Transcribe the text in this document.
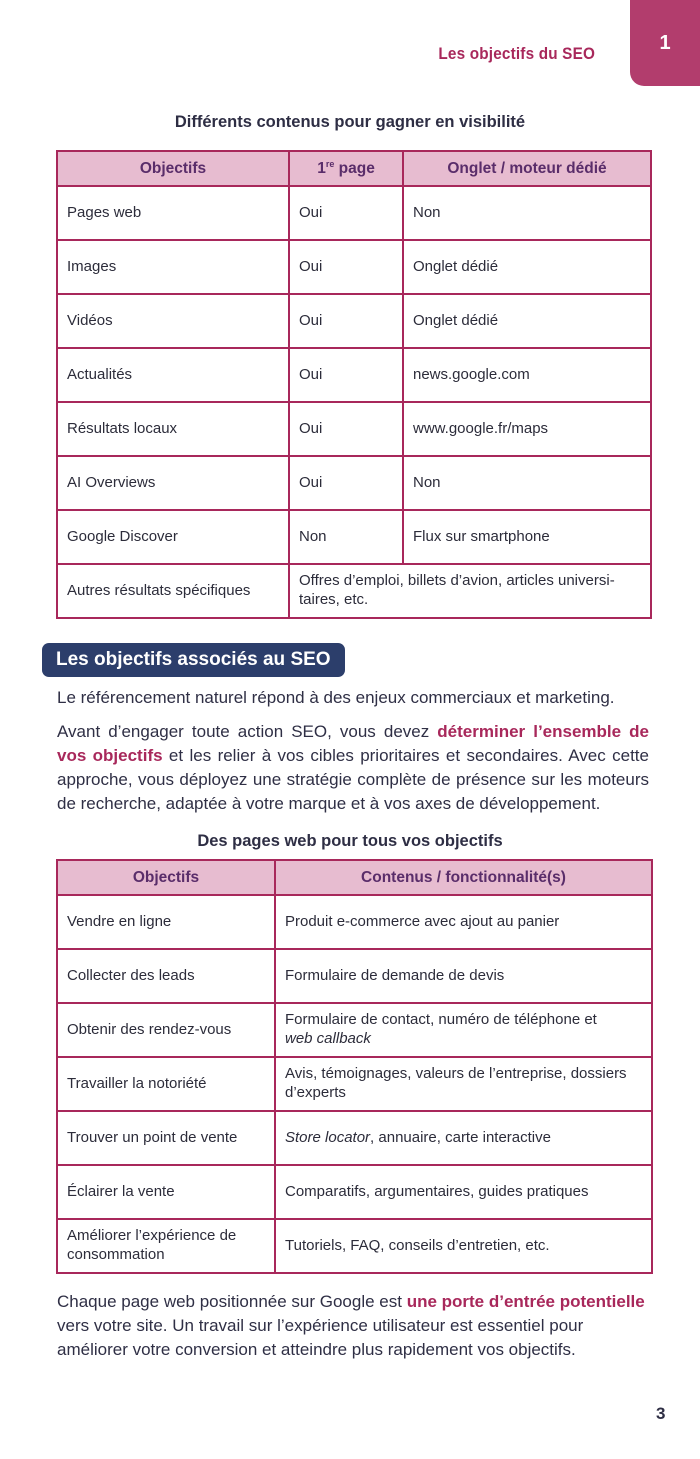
1
Les objectifs du SEO
Différents contenus pour gagner en visibilité
Objectifs	1re page	Onglet / moteur dédié
Pages web	Oui	Non
Images	Oui	Onglet dédié
Vidéos	Oui	Onglet dédié
Actualités	Oui	news.google.com
Résultats locaux	Oui	www.google.fr/maps
AI Overviews	Oui	Non
Google Discover	Non	Flux sur smartphone
Autres résultats spécifiques	Offres d’emploi, billets d’avion, articles universitaires, etc.	
Les objectifs associés au SEO

Le référencement naturel répond à des enjeux commerciaux et marketing.

Avant d’engager toute action SEO, vous devez déterminer l’ensemble de vos objectifs et les relier à vos cibles prioritaires et secondaires. Avec cette approche, vous déployez une stratégie complète de présence sur les moteurs de recherche, adaptée à votre marque et à vos axes de développement.

Des pages web pour tous vos objectifs
Objectifs	Contenus / fonctionnalité(s)
Vendre en ligne	Produit e-commerce avec ajout au panier
Collecter des leads	Formulaire de demande de devis
Obtenir des rendez-vous	Formulaire de contact, numéro de téléphone et
web callback
Travailler la notoriété	Avis, témoignages, valeurs de l’entreprise, dossiers d’experts
Trouver un point de vente	Store locator, annuaire, carte interactive
Éclairer la vente	Comparatifs, argumentaires, guides pratiques
Améliorer l’expérience de consommation	Tutoriels, FAQ, conseils d’entretien, etc.

Chaque page web positionnée sur Google est une porte d’entrée potentielle vers votre site. Un travail sur l’expérience utilisateur est essentiel pour améliorer votre conversion et atteindre plus rapidement vos objectifs.

3
